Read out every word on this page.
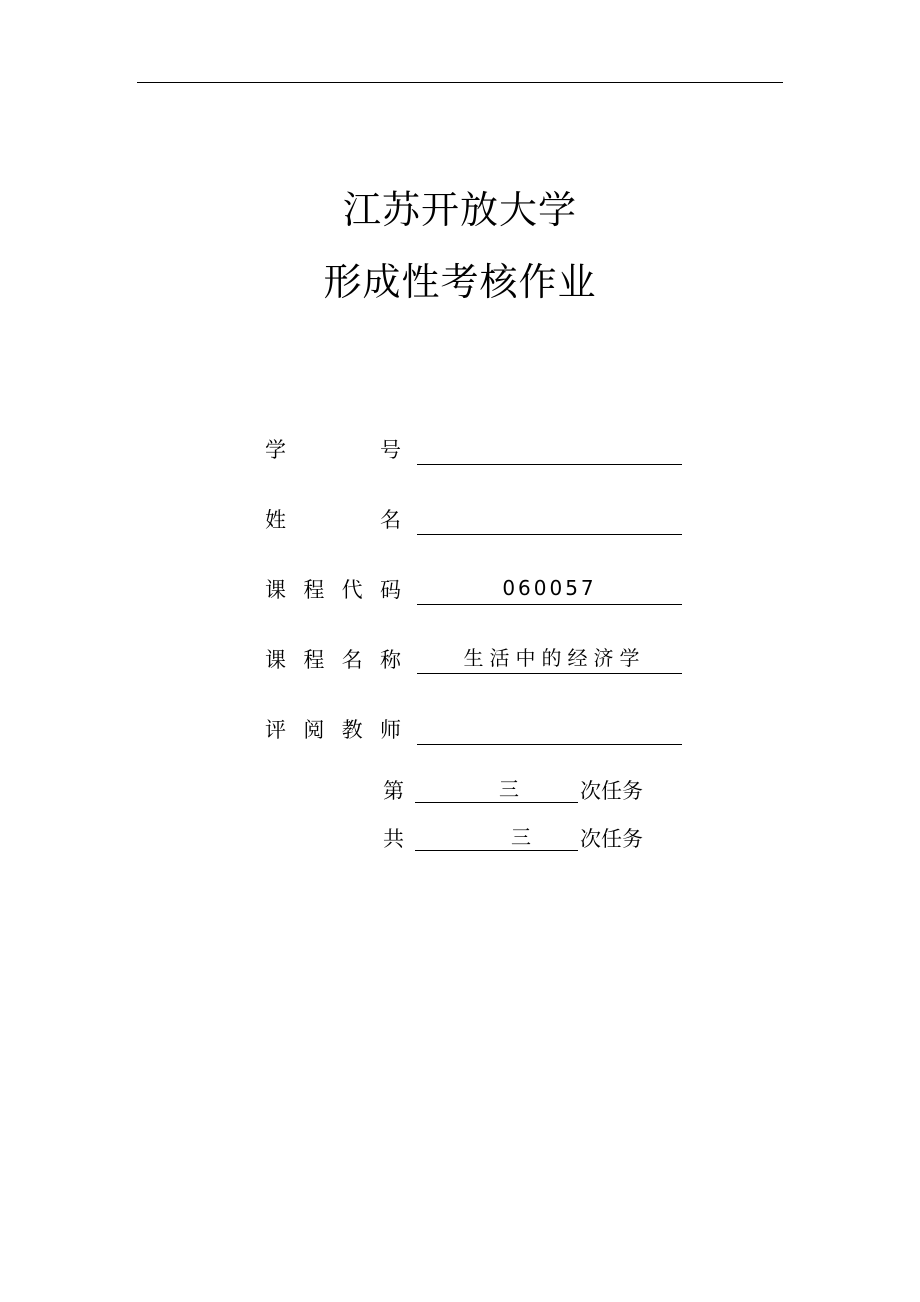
江苏开放大学
形成性考核作业
学	号
姓	名
课 程 代 码	060057
课 程 名 称	生活中的经济学
评 阅 教 师
第	三	次任务
共	三 次任务
